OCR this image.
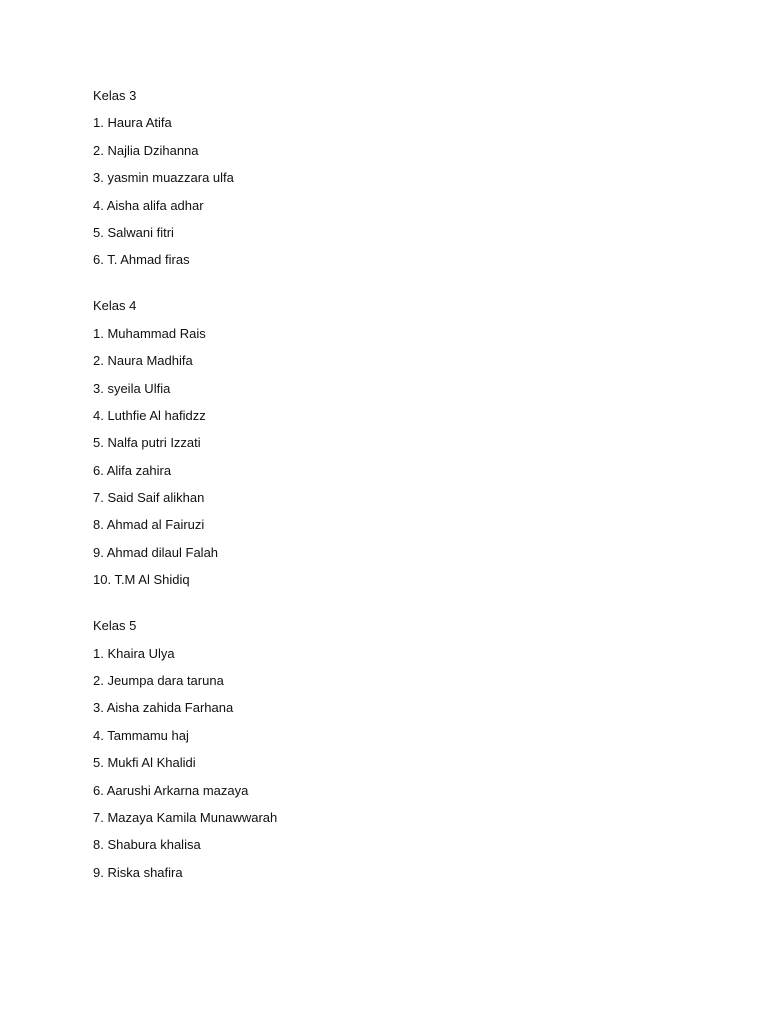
Kelas 3
1. Haura Atifa
2. Najlia Dzihanna
3. yasmin muazzara ulfa
4. Aisha alifa adhar
5. Salwani fitri
6. T. Ahmad firas
Kelas 4
1. Muhammad Rais
2. Naura Madhifa
3. syeila Ulfia
4. Luthfie Al hafidzz
5. Nalfa putri Izzati
6. Alifa zahira
7. Said Saif alikhan
8. Ahmad al Fairuzi
9. Ahmad dilaul Falah
10. T.M Al Shidiq
Kelas 5
1. Khaira Ulya
2. Jeumpa dara taruna
3. Aisha zahida Farhana
4. Tammamu haj
5. Mukfi Al Khalidi
6. Aarushi Arkarna mazaya
7. Mazaya Kamila Munawwarah
8. Shabura khalisa
9. Riska shafira
